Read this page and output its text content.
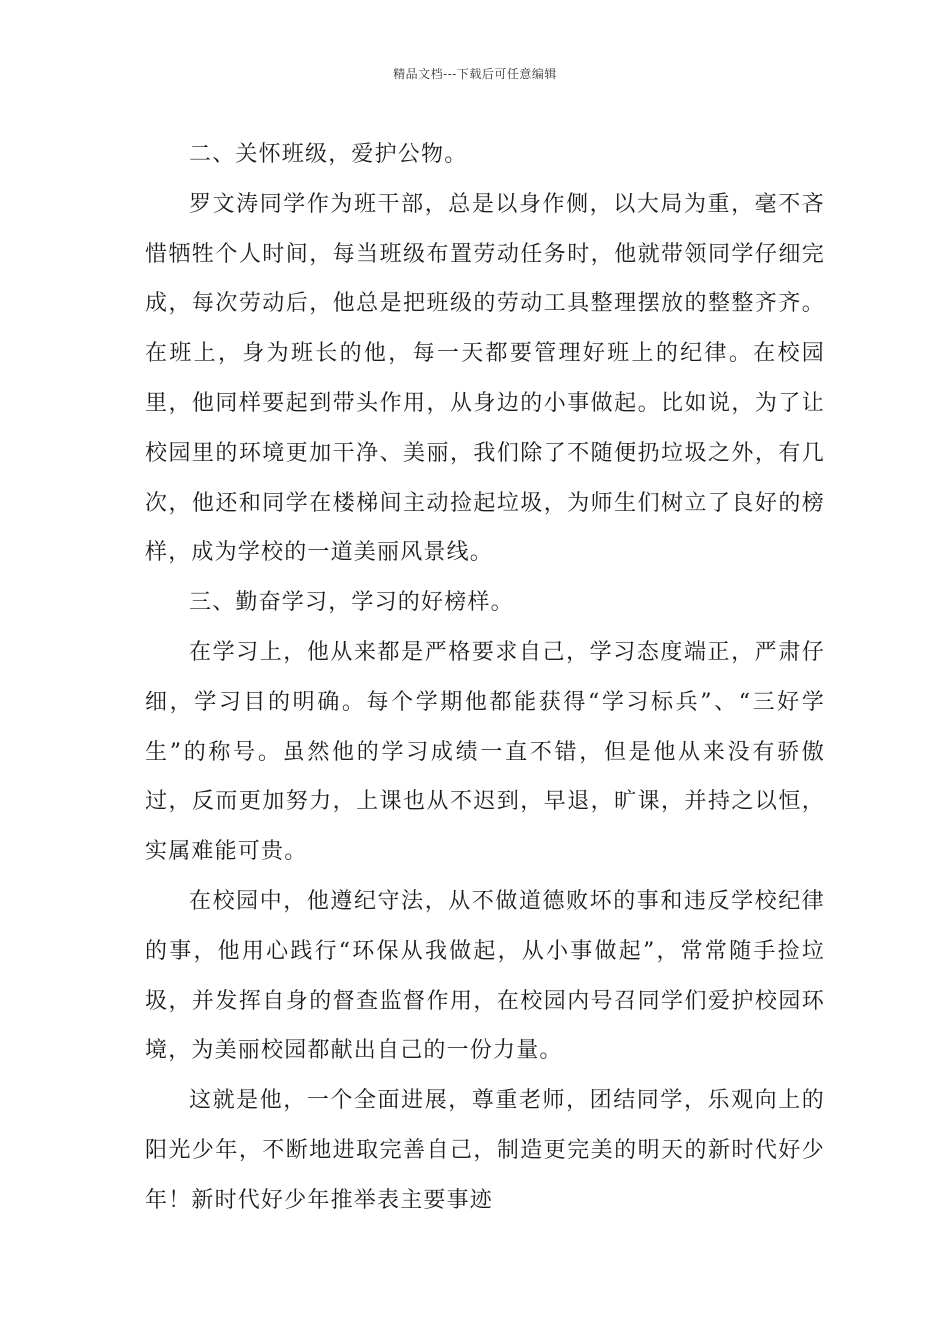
精品文档---下载后可任意编辑

二、关怀班级，爱护公物。

罗文涛同学作为班干部，总是以身作侧，以大局为重，毫不吝惜牺牲个人时间，每当班级布置劳动任务时，他就带领同学仔细完成，每次劳动后，他总是把班级的劳动工具整理摆放的整整齐齐。在班上，身为班长的他，每一天都要管理好班上的纪律。在校园里，他同样要起到带头作用，从身边的小事做起。比如说，为了让校园里的环境更加干净、美丽，我们除了不随便扔垃圾之外，有几次，他还和同学在楼梯间主动捡起垃圾，为师生们树立了良好的榜样，成为学校的一道美丽风景线。

三、勤奋学习，学习的好榜样。

在学习上，他从来都是严格要求自己，学习态度端正，严肃仔细，学习目的明确。每个学期他都能获得“学习标兵”、“三好学生”的称号。虽然他的学习成绩一直不错，但是他从来没有骄傲过，反而更加努力，上课也从不迟到，早退，旷课，并持之以恒，实属难能可贵。

在校园中，他遵纪守法，从不做道德败坏的事和违反学校纪律的事，他用心践行“环保从我做起，从小事做起”，常常随手捡垃圾，并发挥自身的督查监督作用，在校园内号召同学们爱护校园环境，为美丽校园都献出自己的一份力量。

这就是他，一个全面进展，尊重老师，团结同学，乐观向上的阳光少年，不断地进取完善自己，制造更完美的明天的新时代好少年！新时代好少年推举表主要事迹
